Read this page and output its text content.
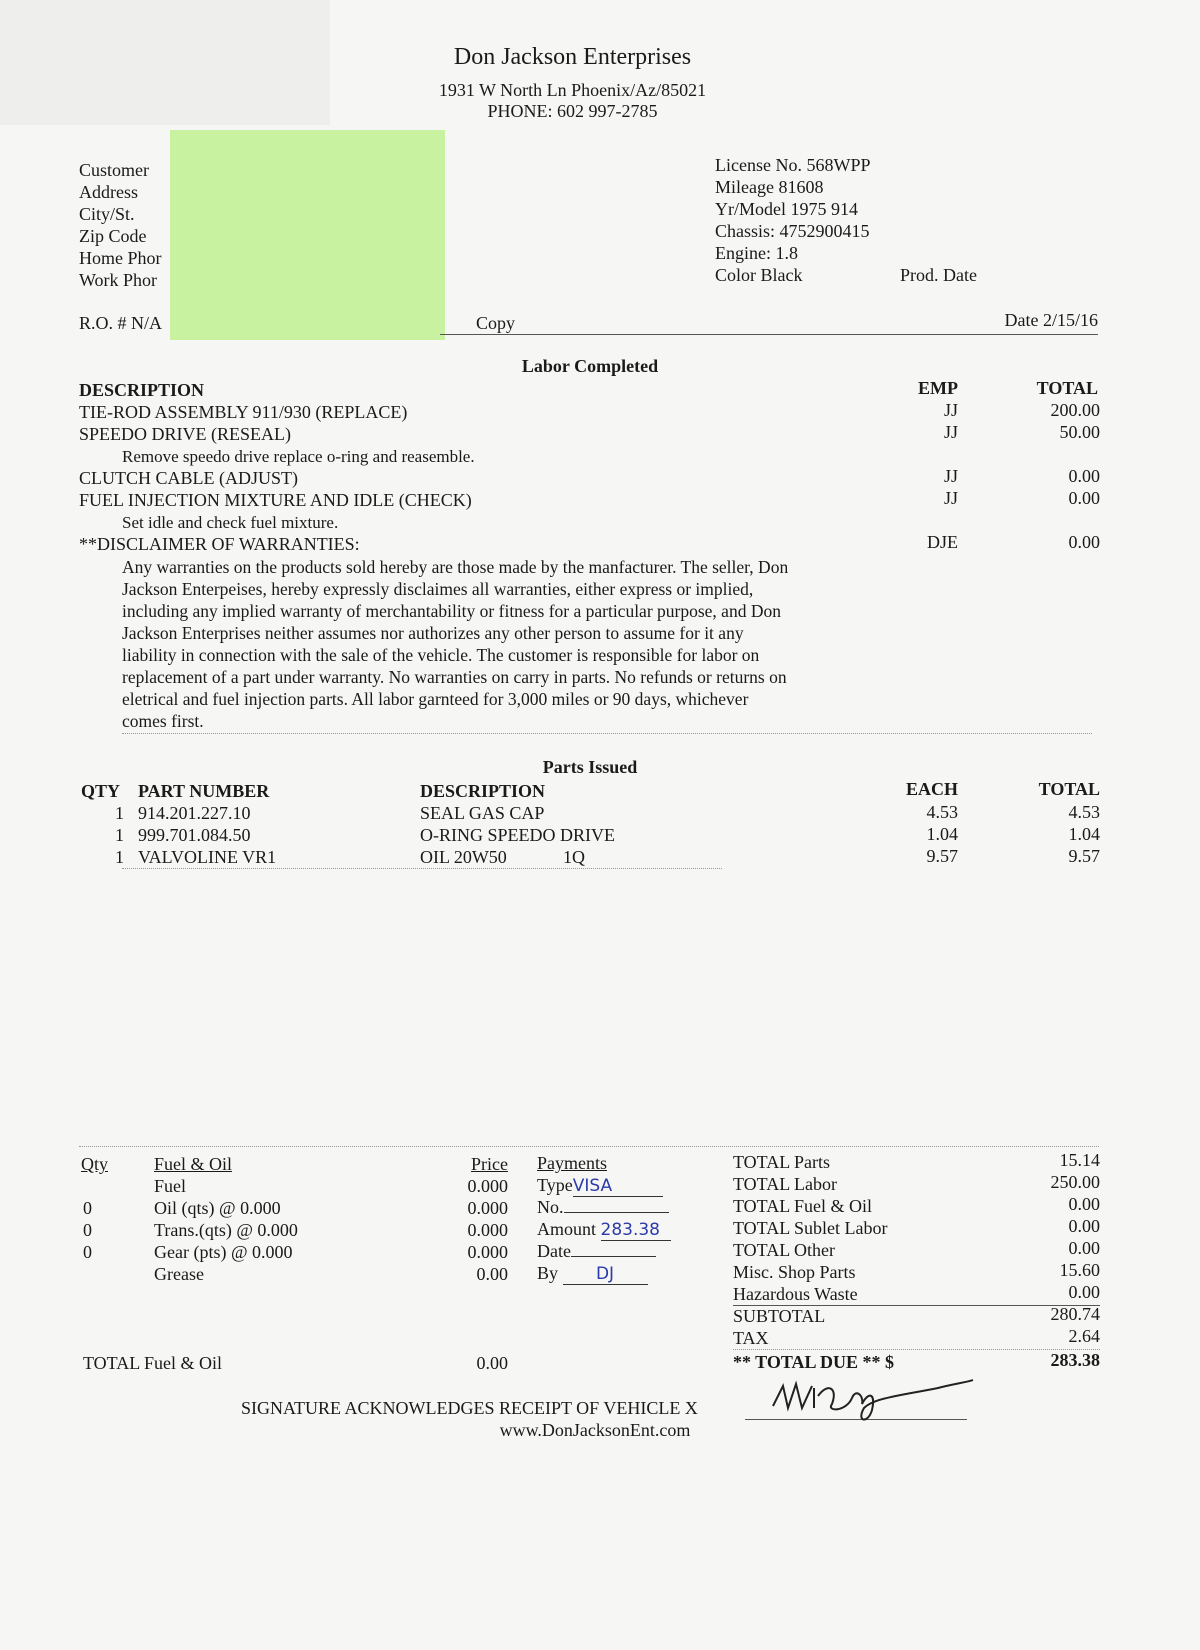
Don Jackson Enterprises
1931 W North Ln Phoenix/Az/85021
PHONE: 602 997-2785
Customer
Address
City/St.
Zip Code
Home Phor
Work Phor
License No. 568WPP
Mileage 81608
Yr/Model 1975 914
Chassis: 4752900415
Engine: 1.8
Color Black	Prod. Date
R.O. # N/A	Copy	Date 2/15/16
Labor Completed
DESCRIPTION	EMP	TOTAL
TIE-ROD ASSEMBLY 911/930 (REPLACE)	JJ	200.00
SPEEDO DRIVE (RESEAL)	JJ	50.00
Remove speedo drive replace o-ring and reasemble.
CLUTCH CABLE (ADJUST)	JJ	0.00
FUEL INJECTION MIXTURE AND IDLE (CHECK)	JJ	0.00
Set idle and check fuel mixture.
**DISCLAIMER OF WARRANTIES:	DJE	0.00
Any warranties on the products sold hereby are those made by the manfacturer. The seller, Don
Jackson Enterpeises, hereby expressly disclaimes all warranties, either express or implied,
including any implied warranty of merchantability or fitness for a particular purpose, and Don
Jackson Enterprises neither assumes nor authorizes any other person to assume for it any
liability in connection with the sale of the vehicle. The customer is responsible for labor on
replacement of a part under warranty. No warranties on carry in parts. No refunds or returns on
eletrical and fuel injection parts. All labor garnteed for 3,000 miles or 90 days, whichever
comes first.
Parts Issued
QTY PART NUMBER	DESCRIPTION	EACH	TOTAL
1 914.201.227.10	SEAL GAS CAP	4.53	4.53
1 999.701.084.50	O-RING SPEEDO DRIVE	1.04	1.04
1 VALVOLINE VR1	OIL 20W50	1Q	9.57	9.57
Qty	Fuel & Oil	Price
Fuel	0.000
0	Oil (qts) @ 0.000	0.000
0	Trans.(qts) @ 0.000	0.000
0	Gear (pts) @ 0.000	0.000
Grease	0.00
TOTAL Fuel & Oil	0.00
Payments
TypeVISA
No.
Amount 283.38
Date
By DJ
TOTAL Parts	15.14
TOTAL Labor	250.00
TOTAL Fuel & Oil	0.00
TOTAL Sublet Labor	0.00
TOTAL Other	0.00
Misc. Shop Parts	15.60
Hazardous Waste	0.00
SUBTOTAL	280.74
TAX	2.64
** TOTAL DUE ** $	283.38
SIGNATURE ACKNOWLEDGES RECEIPT OF VEHICLE X
www.DonJacksonEnt.com
